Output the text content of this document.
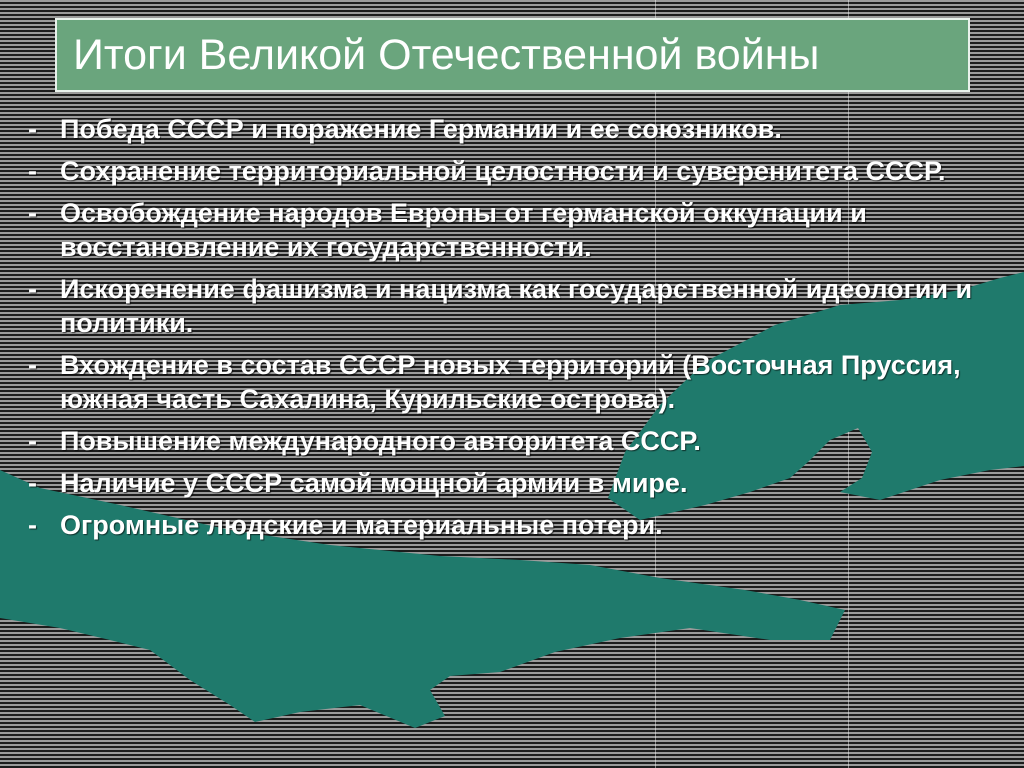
Итоги Великой Отечественной войны
- Победа СССР и поражение Германии и ее союзников.
- Сохранение территориальной целостности и суверенитета СССР.
- Освобождение народов Европы от германской оккупации и восстановление их государственности.
- Искоренение фашизма и нацизма как государственной идеологии и политики.
- Вхождение в состав СССР новых территорий (Восточная Пруссия, южная часть Сахалина, Курильские острова).
- Повышение международного авторитета СССР.
- Наличие у СССР самой мощной армии в мире.
- Огромные людские и материальные потери.
